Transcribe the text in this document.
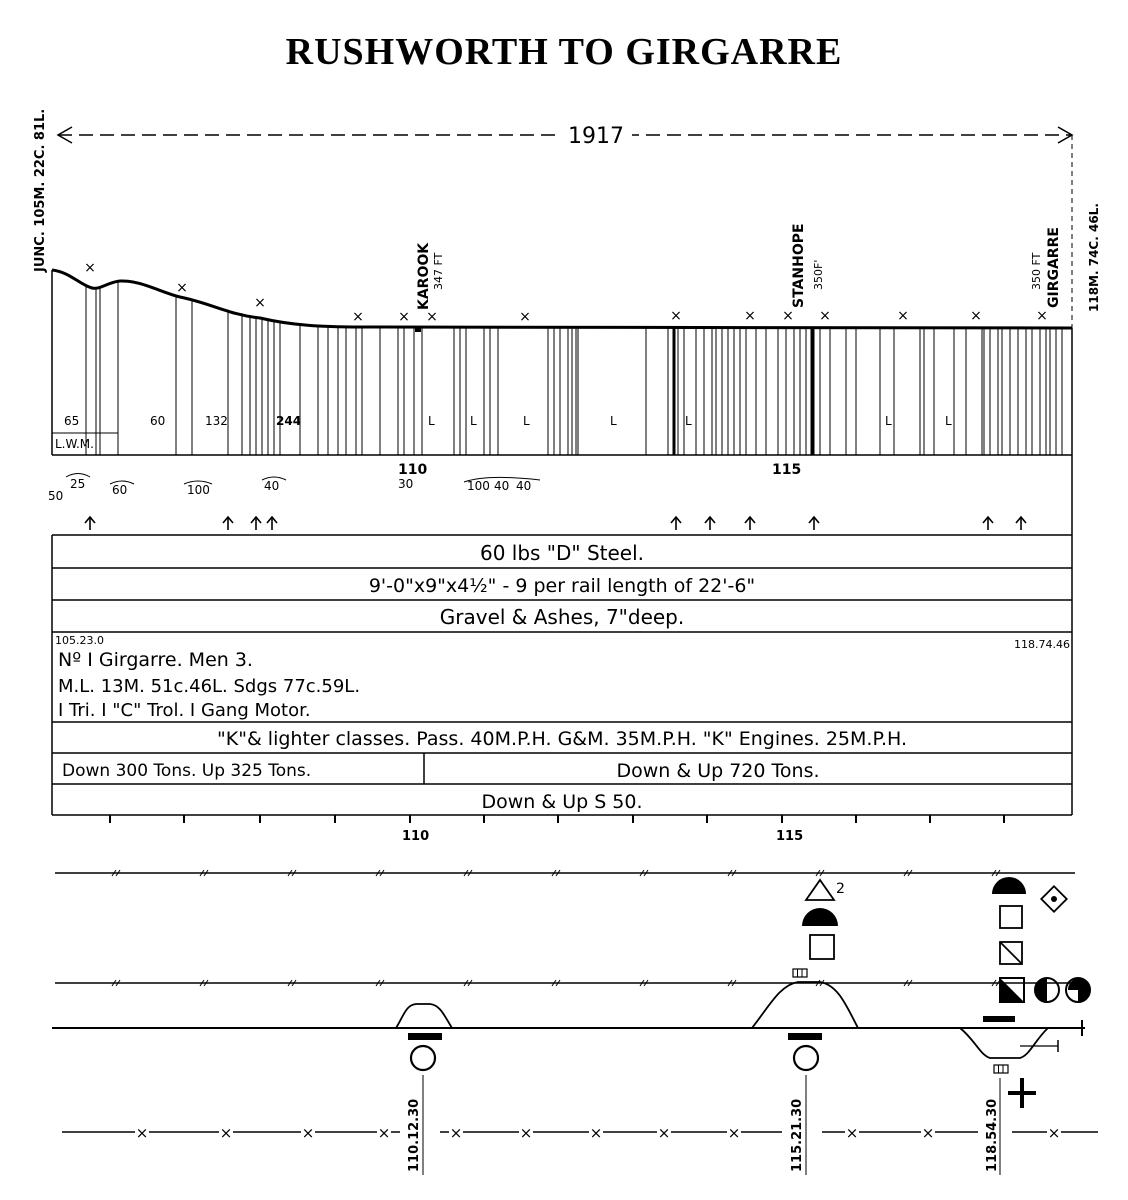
RUSHWORTH TO GIRGARRE
JUNC. 105M. 22C. 81L.	1917
118M. 74C. 46L.
KAROOK 347 FT	STANHOPE 350F'	350 FT GIRGARRE
×
×
×
× × ×	×	×	× × ×	×	×	×
65
L.W.M.
60	132	244	L	L	L	L	L	L	L
50
25 60	100	40	30	100 40 40
110	115
60 lbs "D" Steel.
9'-0"x9"x4½" - 9 per rail length of 22'-6"
Gravel & Ashes, 7"deep.
105.23.0	118.74.46
Nº I Girgarre. Men 3.
M.L. 13M. 51c.46L. Sdgs 77c.59L.
I Tri. I "C" Trol. I Gang Motor.
"K"& lighter classes. Pass. 40M.P.H. G&M. 35M.P.H. "K" Engines. 25M.P.H.
Down 300 Tons. Up 325 Tons.	Down & Up 720 Tons.
Down & Up S 50.
110	115
110.12.30
2
115.21.30	118.54.30
×	×	×	×	×	×	×	×	×	×	×	×
